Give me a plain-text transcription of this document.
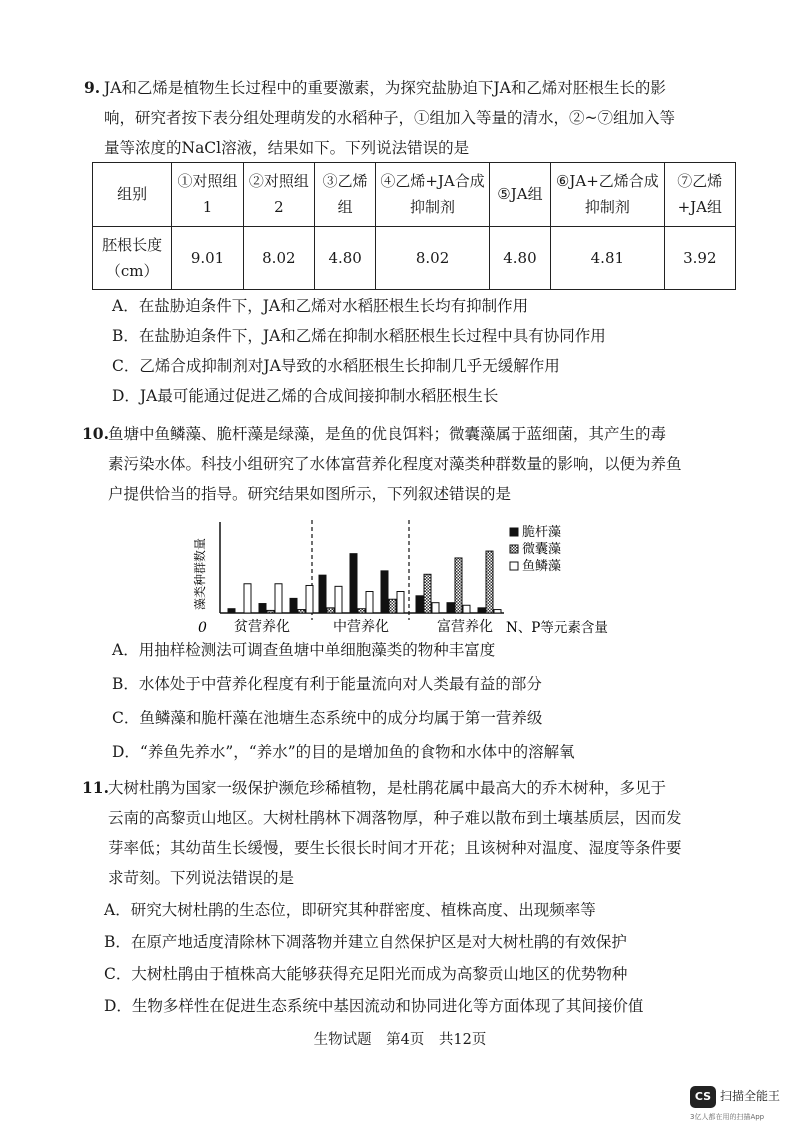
9. JA和乙烯是植物生长过程中的重要激素，为探究盐胁迫下JA和乙烯对胚根生长的影
响，研究者按下表分组处理萌发的水稻种子，①组加入等量的清水，②~⑦组加入等
量等浓度的NaCl溶液，结果如下。下列说法错误的是
组别	①对照组1	②对照组2	③乙烯组	④乙烯+JA合成抑制剂	⑤JA组	⑥JA+乙烯合成抑制剂	⑦乙烯+JA组
胚根长度（cm）	9.01	8.02	4.80	8.02	4.80	4.81	3.92
A．在盐胁迫条件下，JA和乙烯对水稻胚根生长均有抑制作用
B．在盐胁迫条件下，JA和乙烯在抑制水稻胚根生长过程中具有协同作用
C．乙烯合成抑制剂对JA导致的水稻胚根生长抑制几乎无缓解作用
D．JA最可能通过促进乙烯的合成间接抑制水稻胚根生长
10. 鱼塘中鱼鳞藻、脆杆藻是绿藻，是鱼的优良饵料；微囊藻属于蓝细菌，其产生的毒
素污染水体。科技小组研究了水体富营养化程度对藻类种群数量的影响，以便为养鱼
户提供恰当的指导。研究结果如图所示，下列叙述错误的是
藻类种群数量
0 贫营养化	中营养化	富营养化 N、P等元素含量
脆杆藻
微囊藻
鱼鳞藻
A．用抽样检测法可调查鱼塘中单细胞藻类的物种丰富度
B．水体处于中营养化程度有利于能量流向对人类最有益的部分
C．鱼鳞藻和脆杆藻在池塘生态系统中的成分均属于第一营养级
D．“养鱼先养水”，“养水”的目的是增加鱼的食物和水体中的溶解氧
11. 大树杜鹃为国家一级保护濒危珍稀植物，是杜鹃花属中最高大的乔木树种，多见于
云南的高黎贡山地区。大树杜鹃林下凋落物厚，种子难以散布到土壤基质层，因而发
芽率低；其幼苗生长缓慢，要生长很长时间才开花；且该树种对温度、湿度等条件要
求苛刻。下列说法错误的是
A．研究大树杜鹃的生态位，即研究其种群密度、植株高度、出现频率等
B．在原产地适度清除林下凋落物并建立自然保护区是对大树杜鹃的有效保护
C．大树杜鹃由于植株高大能够获得充足阳光而成为高黎贡山地区的优势物种
D．生物多样性在促进生态系统中基因流动和协同进化等方面体现了其间接价值
生物试题　第4页　共12页
CS 扫描全能王
3亿人都在用的扫描App
